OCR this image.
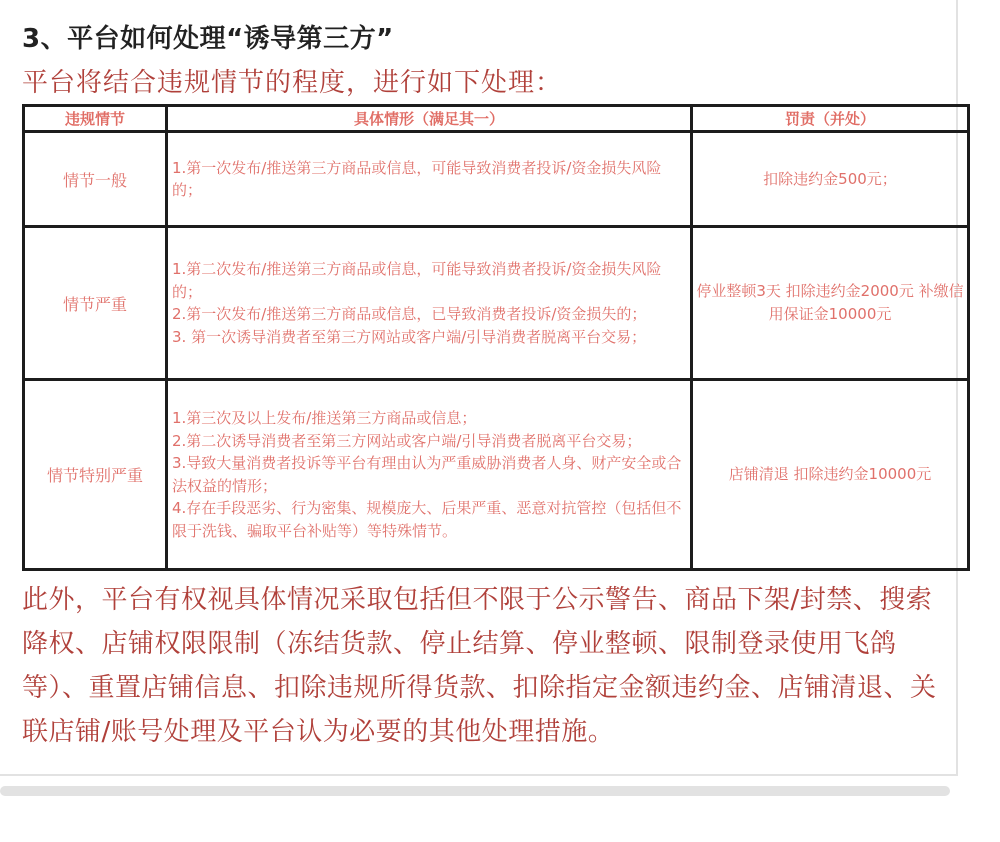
3、平台如何处理“诱导第三方”
平台将结合违规情节的程度，进行如下处理：
违规情节	具体情形（满足其一）	罚责（并处）
情节一般	1.第一次发布/推送第三方商品或信息，可能导致消费者投诉/资金损失风险的；	扣除违约金500元；
情节严重	1.第二次发布/推送第三方商品或信息，可能导致消费者投诉/资金损失风险的；
2.第一次发布/推送第三方商品或信息，已导致消费者投诉/资金损失的；
3. 第一次诱导消费者至第三方网站或客户端/引导消费者脱离平台交易；	停业整顿3天 扣除违约金2000元 补缴信用保证金10000元
情节特别严重	1.第三次及以上发布/推送第三方商品或信息；
2.第二次诱导消费者至第三方网站或客户端/引导消费者脱离平台交易；
3.导致大量消费者投诉等平台有理由认为严重威胁消费者人身、财产安全或合法权益的情形；
4.存在手段恶劣、行为密集、规模庞大、后果严重、恶意对抗管控（包括但不限于洗钱、骗取平台补贴等）等特殊情节。	店铺清退 扣除违约金10000元
此外，平台有权视具体情况采取包括但不限于公示警告、商品下架/封禁、搜索降权、店铺权限限制（冻结货款、停止结算、停业整顿、限制登录使用飞鸽等）、重置店铺信息、扣除违规所得货款、扣除指定金额违约金、店铺清退、关联店铺/账号处理及平台认为必要的其他处理措施。
